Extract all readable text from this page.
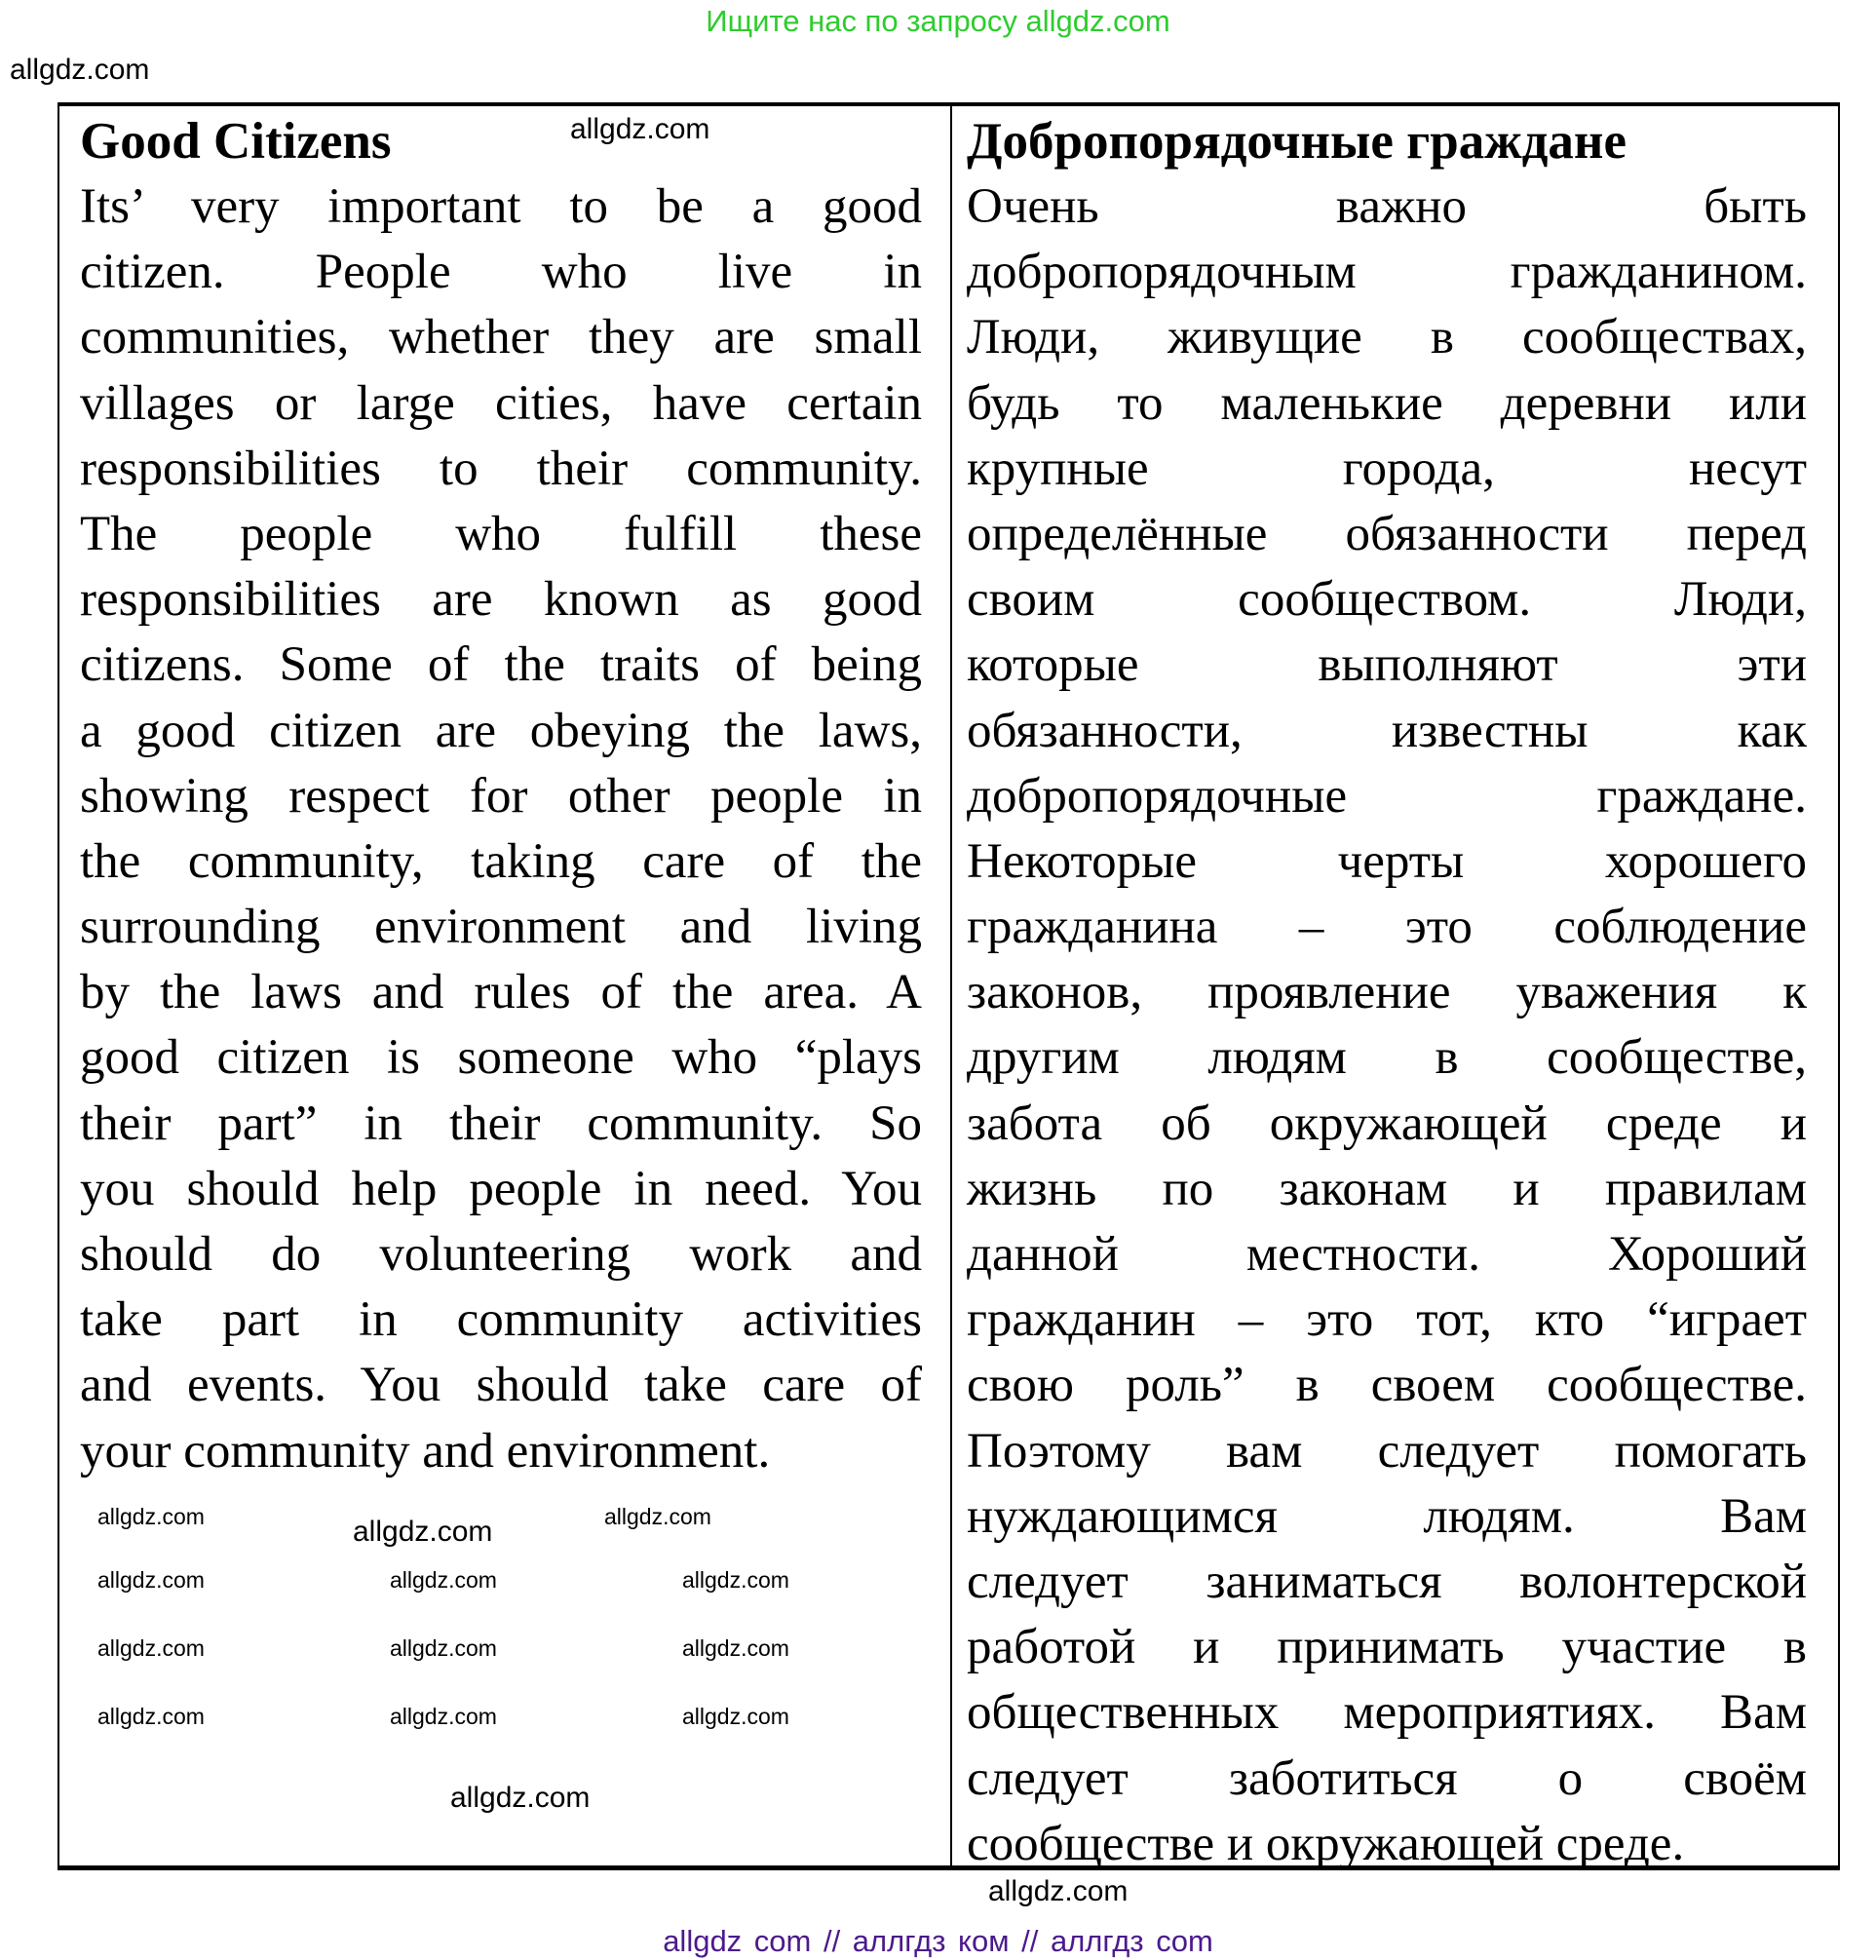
Ищите нас по запросу allgdz.com
allgdz.com
Good Citizens
Its’ very important to be a good
citizen. People who live in
communities, whether they are small
villages or large cities, have certain
responsibilities to their community.
The people who fulfill these
responsibilities are known as good
citizens. Some of the traits of being
a good citizen are obeying the laws,
showing respect for other people in
the community, taking care of the
surrounding environment and living
by the laws and rules of the area. A
good citizen is someone who “plays
their part” in their community. So
you should help people in need. You
should do volunteering work and
take part in community activities
and events. You should take care of
your community and environment.
Добропорядочные граждане
Очень важно быть
добропорядочным гражданином.
Люди, живущие в сообществах,
будь то маленькие деревни или
крупные города, несут
определённые обязанности перед
своим сообществом. Люди,
которые выполняют эти
обязанности, известны как
добропорядочные граждане.
Некоторые черты хорошего
гражданина – это соблюдение
законов, проявление уважения к
другим людям в сообществе,
забота об окружающей среде и
жизнь по законам и правилам
данной местности. Хороший
гражданин – это тот, кто “играет
свою роль” в своем сообществе.
Поэтому вам следует помогать
нуждающимся людям. Вам
следует заниматься волонтерской
работой и принимать участие в
общественных мероприятиях. Вам
следует заботиться о своём
сообществе и окружающей среде.
allgdz.com
allgdz.com	allgdz.com
allgdz.com	allgdz.com	allgdz.com
allgdz.com	allgdz.com	allgdz.com
allgdz.com	allgdz.com	allgdz.com
allgdz.com
allgdz.com
allgdz.com
allgdz com // аллгдз ком // аллгдз com
